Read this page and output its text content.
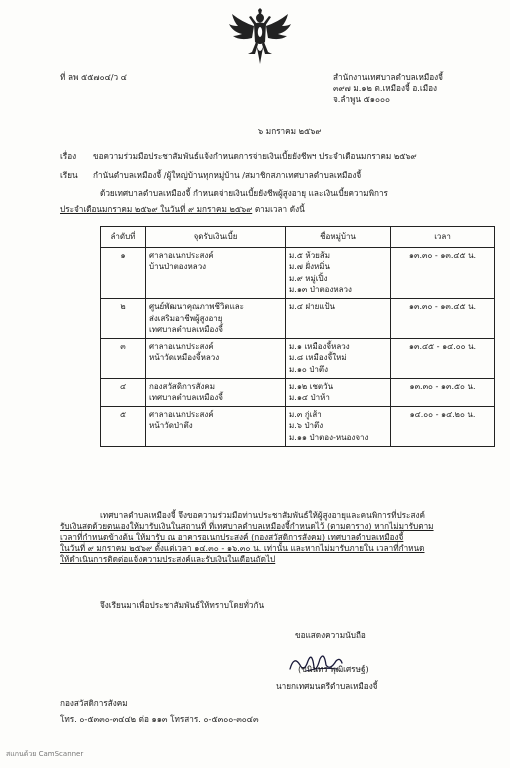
ที่ ลพ ๕๕๗๐๔/ว ๔	สำนักงานเทศบาลตำบลเหมืองจี้
๓๙๗ ม.๑๒ ต.เหมืองจี้ อ.เมือง
จ.ลำพูน ๕๑๐๐๐
๖ มกราคม ๒๕๖๙
เรื่อง ขอความร่วมมือประชาสัมพันธ์แจ้งกำหนดการจ่ายเงินเบี้ยยังชีพฯ ประจำเดือนมกราคม ๒๕๖๙
เรียน กำนันตำบลเหมืองจี้ /ผู้ใหญ่บ้านทุกหมู่บ้าน /สมาชิกสภาเทศบาลตำบลเหมืองจี้
ด้วยเทศบาลตำบลเหมืองจี้ กำหนดจ่ายเงินเบี้ยยังชีพผู้สูงอายุ และเงินเบี้ยความพิการ
ประจำเดือนมกราคม ๒๕๖๙ ในวันที่ ๙ มกราคม ๒๕๖๙ ตามเวลา ดังนี้
ลำดับที่	จุดรับเงินเบี้ย	ชื่อหมู่บ้าน	เวลา
๑	ศาลาอเนกประสงค์
บ้านป่าตองหลวง	ม.๕ ห้วยส้ม
ม.๗ ฝั่งหมิ่น
ม.๙ หมู่เปิ้ง
ม.๑๓ ป่าตองหลวง	๑๓.๓๐ - ๑๓.๔๕ น.
๒	ศูนย์พัฒนาคุณภาพชีวิตและ
ส่งเสริมอาชีพผู้สูงอายุ
เทศบาลตำบลเหมืองจี้	ม.๔ ฝายแป้น	๑๓.๓๐ - ๑๓.๔๕ น.
๓	ศาลาอเนกประสงค์
หน้าวัดเหมืองจี้หลวง	ม.๑ เหมืองจี้หลวง
ม.๘ เหมืองจี้ใหม่
ม.๑๐ ป่าตึง	๑๓.๔๕ - ๑๔.๐๐ น.
๔	กองสวัสดิการสังคม
เทศบาลตำบลเหมืองจี้	ม.๑๒ เชตวัน
ม.๑๔ ป่าห้า	๑๓.๓๐ - ๑๓.๕๐ น.
๕	ศาลาอเนกประสงค์
หน้าวัดป่าตึง	ม.๓ กู่เส้า
ม.๖ ป่าตึง
ม.๑๑ ป่าตอง-หนองจาง	๑๔.๐๐ - ๑๔.๒๐ น.
เทศบาลตำบลเหมืองจี้ จึงขอความร่วมมือท่านประชาสัมพันธ์ให้ผู้สูงอายุและคนพิการที่ประสงค์
รับเงินสดด้วยตนเองให้มารับเงินในสถานที่ ที่เทศบาลตำบลเหมืองจี้กำหนดไว้ (ตามตาราง) หากไม่มารับตาม
เวลาที่กำหนดข้างต้น ให้มารับ ณ อาคารอเนกประสงค์ (กองสวัสดิการสังคม) เทศบาลตำบลเหมืองจี้
ในวันที่ ๙ มกราคม ๒๕๖๙ ตั้งแต่เวลา ๑๔.๓๐ - ๑๖.๓๐ น. เท่านั้น และหากไม่มารับภายใน เวลาที่กำหนด
ให้ดำเนินการติดต่อแจ้งความประสงค์และรับเงินในเดือนถัดไป
จึงเรียนมาเพื่อประชาสัมพันธ์ให้ทราบโดยทั่วกัน
ขอแสดงความนับถือ
(ขนินทร พุฒิเศรษฐ์)
นายกเทศมนตรีตำบลเหมืองจี้
กองสวัสดิการสังคม
โทร. ๐-๕๓๓๐-๓๔๔๒ ต่อ ๑๑๓ โทรสาร. ๐-๕๓๐๐-๓๐๔๓
สแกนด้วย CamScanner
